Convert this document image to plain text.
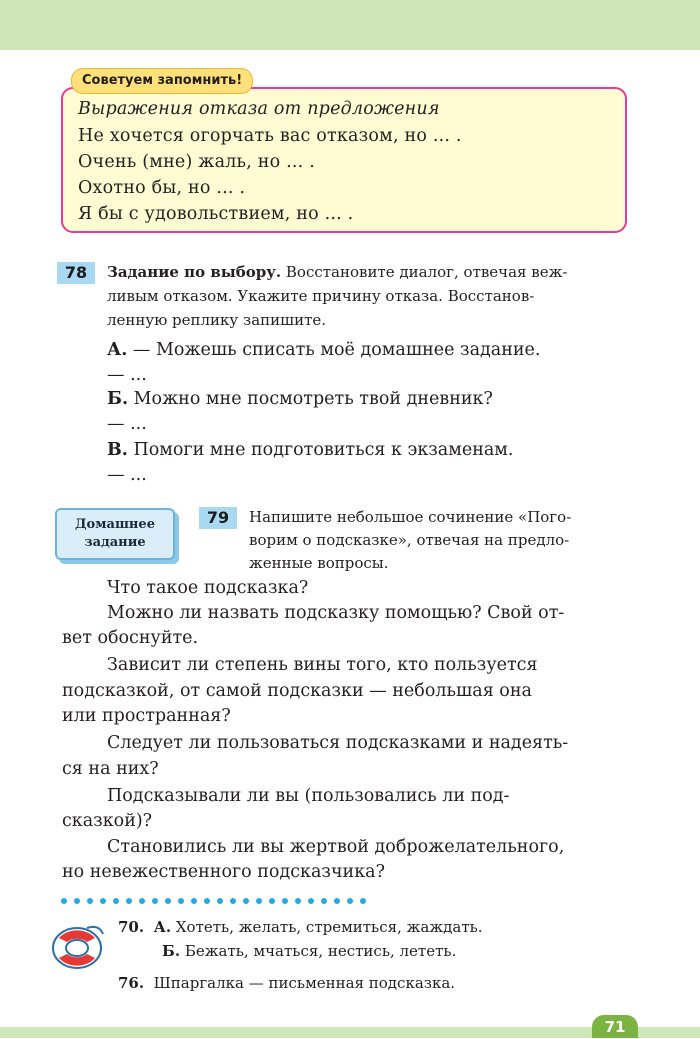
Советуем запомнить!
Выражения отказа от предложения
Не хочется огорчать вас отказом, но ... .
Очень (мне) жаль, но ... .
Охотно бы, но ... .
Я бы с удовольствием, но ... .
78	Задание по выбору. Восстановите диалог, отвечая веж-
ливым отказом. Укажите причину отказа. Восстанов-
ленную реплику запишите.
А. — Можешь списать моё домашнее задание.
— ...
Б. Можно мне посмотреть твой дневник?
— ...
В. Помоги мне подготовиться к экзаменам.
— ...
Домашнее
задание
79	Напишите небольшое сочинение «Пого-
ворим о подсказке», отвечая на предло-
женные вопросы.
Что такое подсказка?
Можно ли назвать подсказку помощью? Свой от-
вет обоснуйте.
Зависит ли степень вины того, кто пользуется
подсказкой, от самой подсказки — небольшая она
или пространная?
Следует ли пользоваться подсказками и надеять-
ся на них?
Подсказывали ли вы (пользовались ли под-
сказкой)?
Становились ли вы жертвой доброжелательного,
но невежественного подсказчика?
70. А. Хотеть, желать, стремиться, жаждать.
Б. Бежать, мчаться, нестись, лететь.
76.  Шпаргалка — письменная подсказка.
71
